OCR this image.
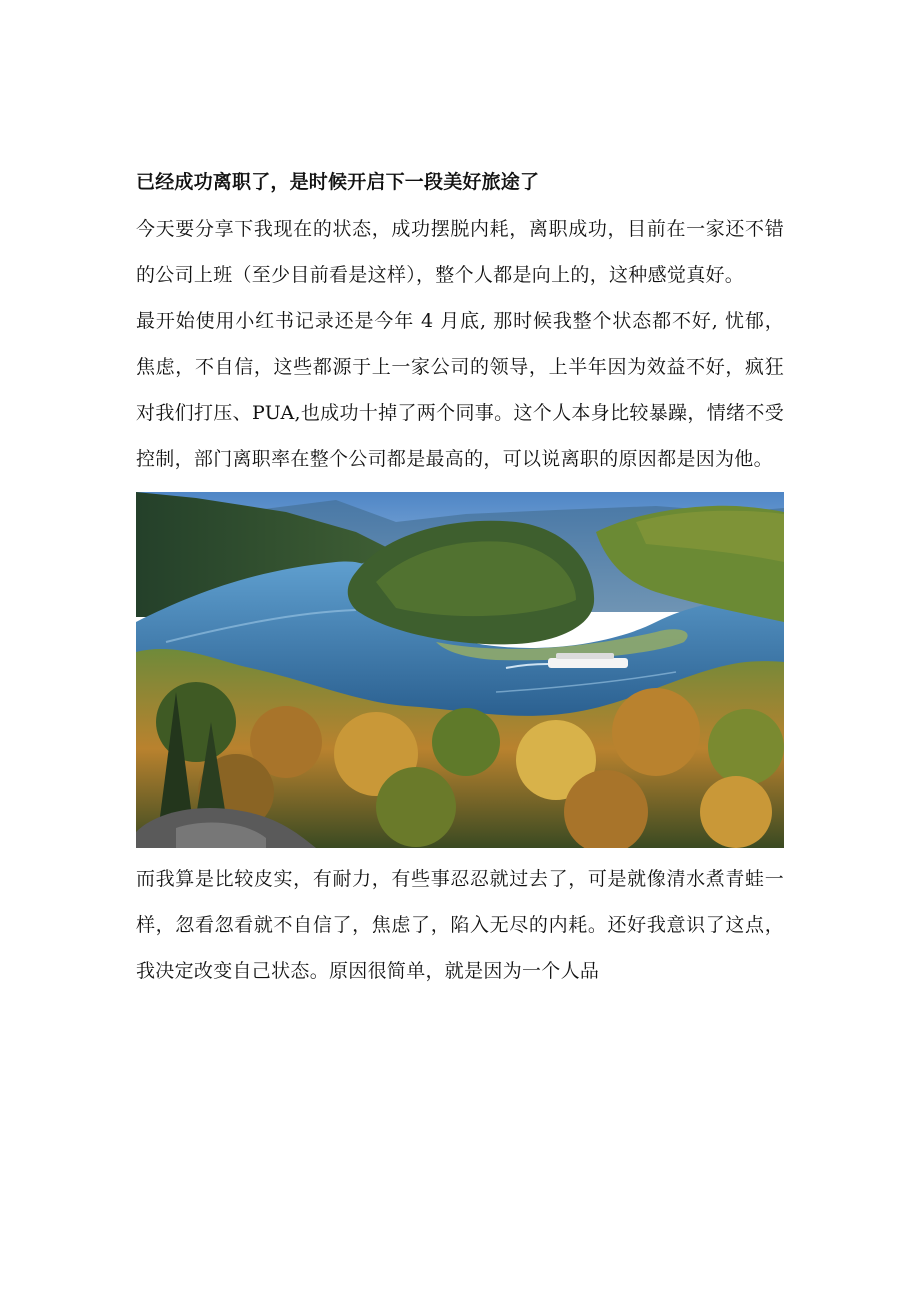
已经成功离职了，是时候开启下一段美好旅途了

今天要分享下我现在的状态，成功摆脱内耗，离职成功，目前在一家还不错的公司上班（至少目前看是这样），整个人都是向上的，这种感觉真好。

最开始使用小红书记录还是今年 4 月底, 那时候我整个状态都不好, 忧郁，焦虑，不自信，这些都源于上一家公司的领导，上半年因为效益不好，疯狂对我们打压、PUA,也成功十掉了两个同事。这个人本身比较暴躁，情绪不受控制，部门离职率在整个公司都是最高的，可以说离职的原因都是因为他。

而我算是比较皮实，有耐力，有些事忍忍就过去了，可是就像清水煮青蛙一样，忽看忽看就不自信了，焦虑了，陷入无尽的内耗。还好我意识了这点，我决定改变自己状态。原因很简单，就是因为一个人品
